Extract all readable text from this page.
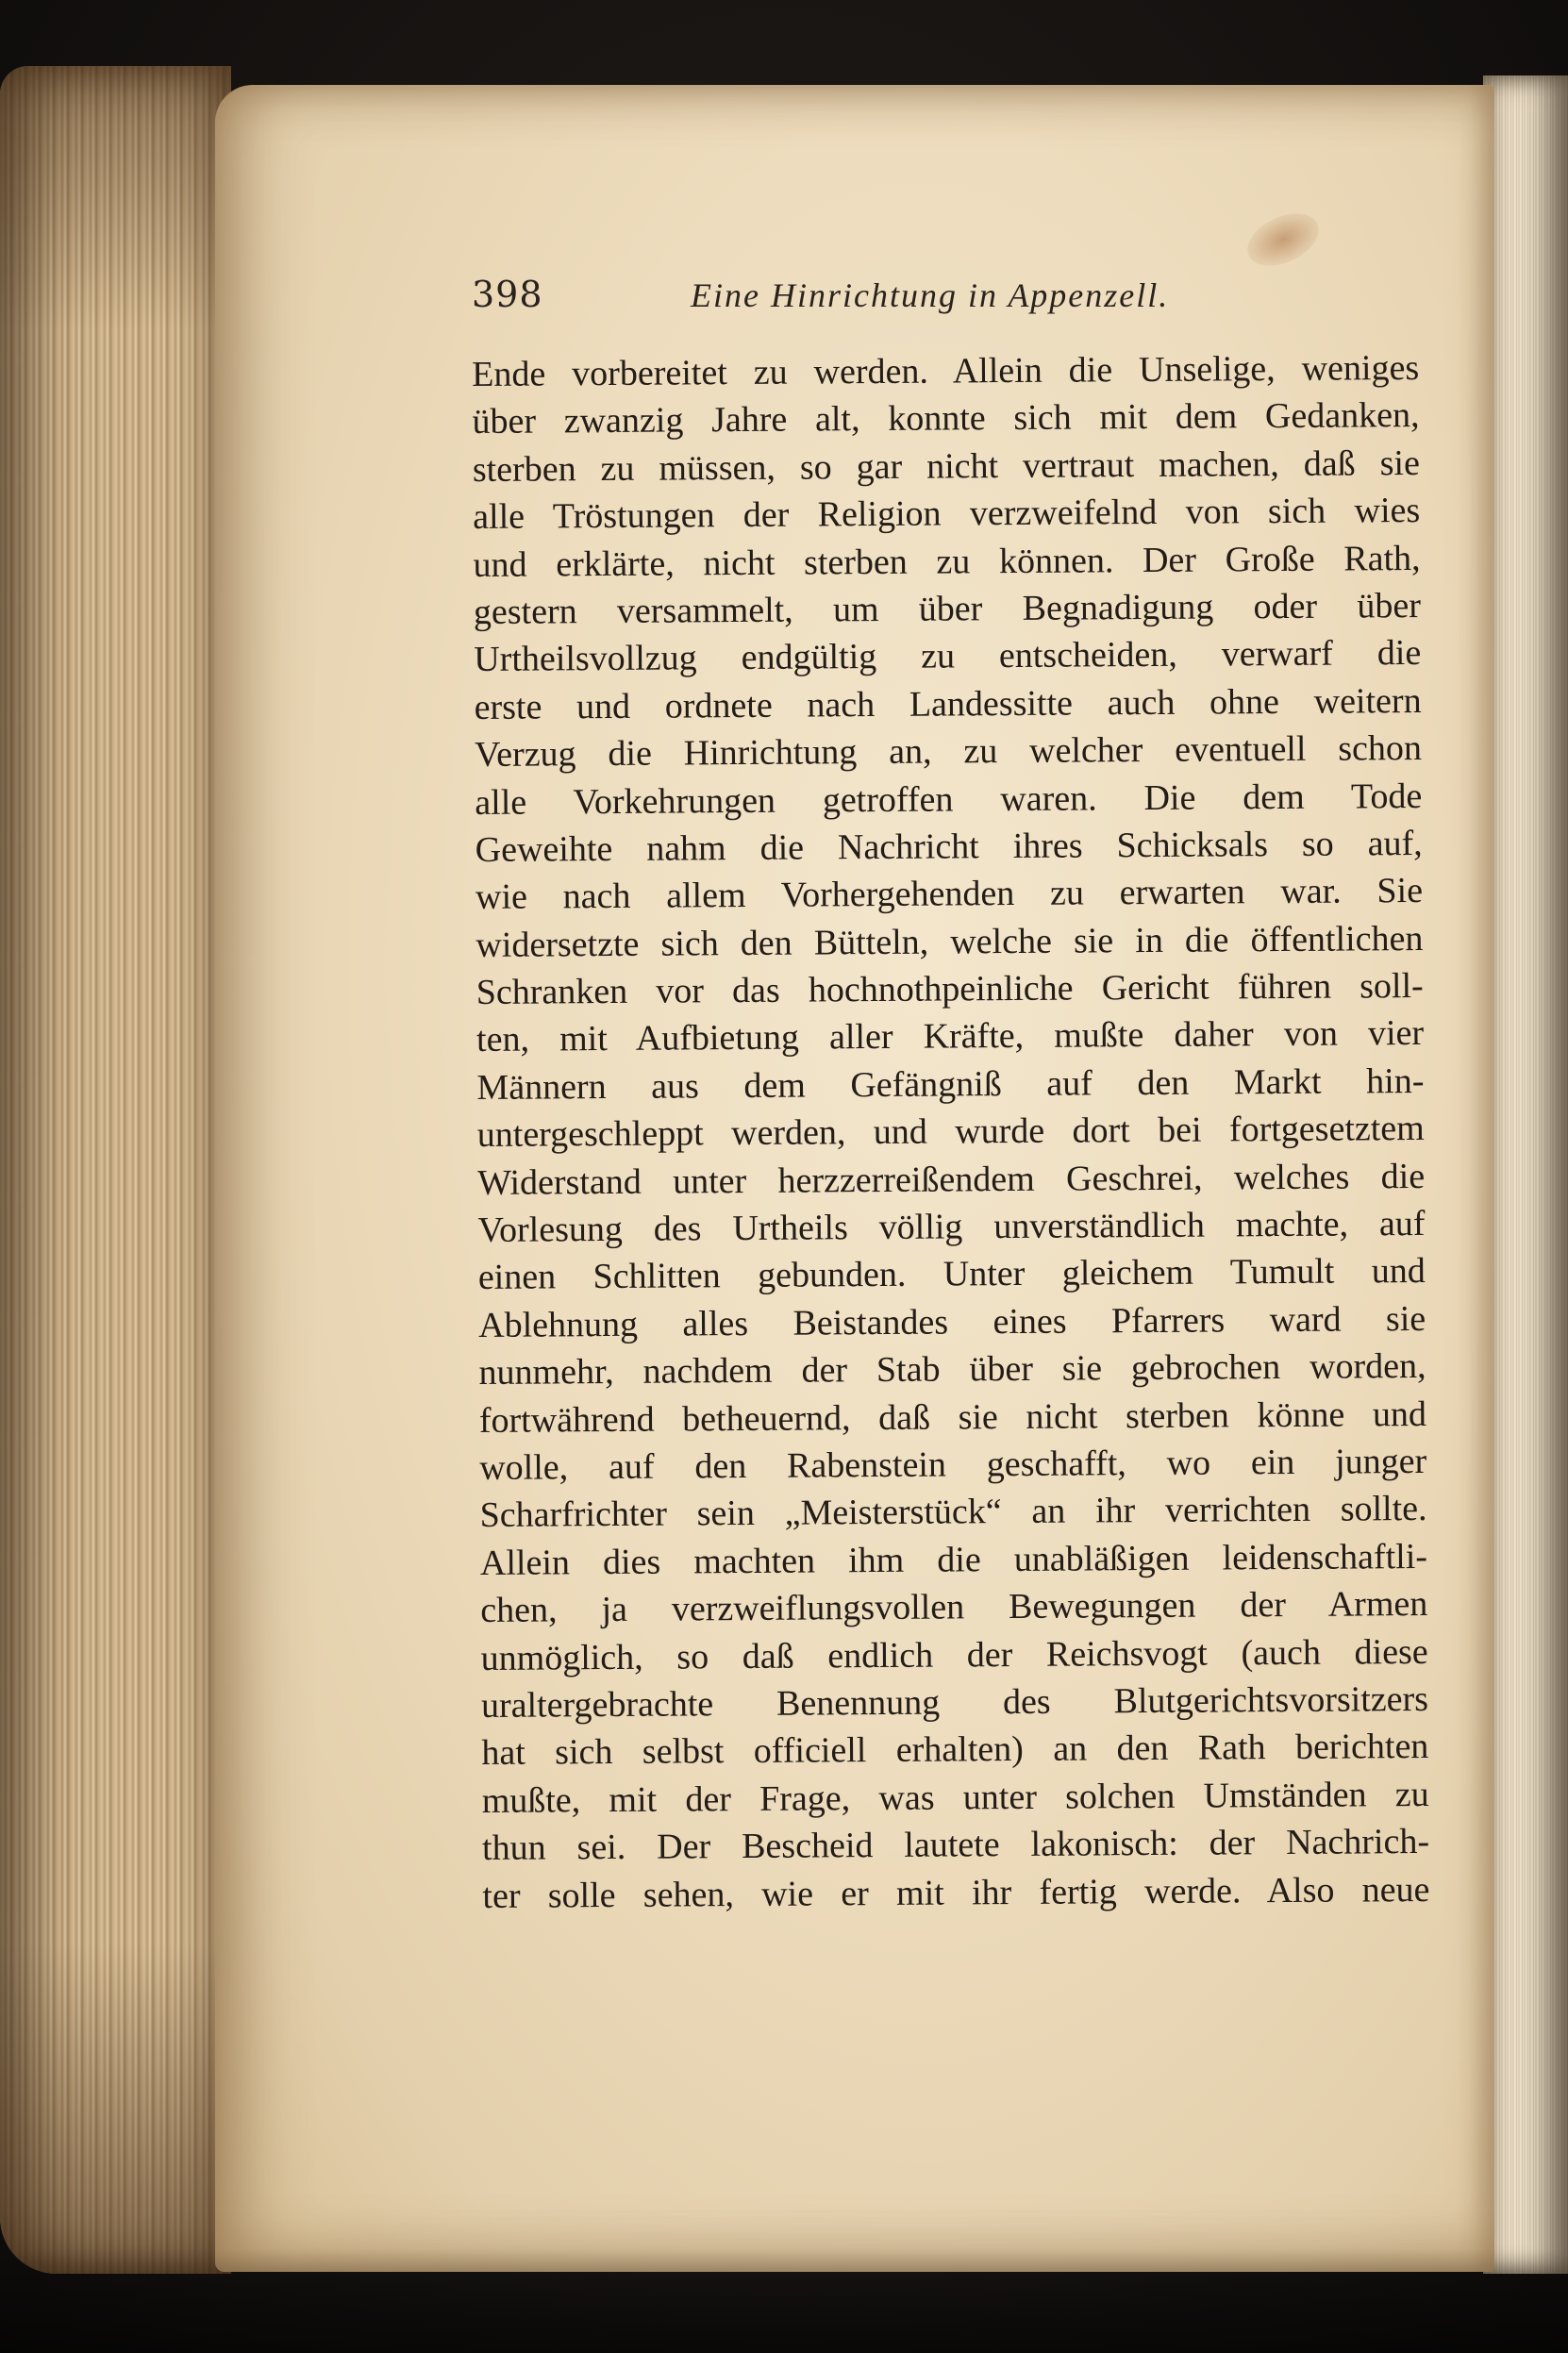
398	Eine Hinrichtung in Appenzell.
Ende vorbereitet zu werden. Allein die Unselige, weniges
über zwanzig Jahre alt, konnte sich mit dem Gedanken,
sterben zu müssen, so gar nicht vertraut machen, daß sie
alle Tröstungen der Religion verzweifelnd von sich wies
und erklärte, nicht sterben zu können. Der Große Rath,
gestern versammelt, um über Begnadigung oder über
Urtheilsvollzug endgültig zu entscheiden, verwarf die
erste und ordnete nach Landessitte auch ohne weitern
Verzug die Hinrichtung an, zu welcher eventuell schon
alle Vorkehrungen getroffen waren. Die dem Tode
Geweihte nahm die Nachricht ihres Schicksals so auf,
wie nach allem Vorhergehenden zu erwarten war. Sie
widersetzte sich den Bütteln, welche sie in die öffentlichen
Schranken vor das hochnothpeinliche Gericht führen soll-
ten, mit Aufbietung aller Kräfte, mußte daher von vier
Männern aus dem Gefängniß auf den Markt hin-
untergeschleppt werden, und wurde dort bei fortgesetztem
Widerstand unter herzzerreißendem Geschrei, welches die
Vorlesung des Urtheils völlig unverständlich machte, auf
einen Schlitten gebunden. Unter gleichem Tumult und
Ablehnung alles Beistandes eines Pfarrers ward sie
nunmehr, nachdem der Stab über sie gebrochen worden,
fortwährend betheuernd, daß sie nicht sterben könne und
wolle, auf den Rabenstein geschafft, wo ein junger
Scharfrichter sein „Meisterstück“ an ihr verrichten sollte.
Allein dies machten ihm die unabläßigen leidenschaftli-
chen, ja verzweiflungsvollen Bewegungen der Armen
unmöglich, so daß endlich der Reichsvogt (auch diese
uraltergebrachte Benennung des Blutgerichtsvorsitzers
hat sich selbst officiell erhalten) an den Rath berichten
mußte, mit der Frage, was unter solchen Umständen zu
thun sei. Der Bescheid lautete lakonisch: der Nachrich-
ter solle sehen, wie er mit ihr fertig werde. Also neue
